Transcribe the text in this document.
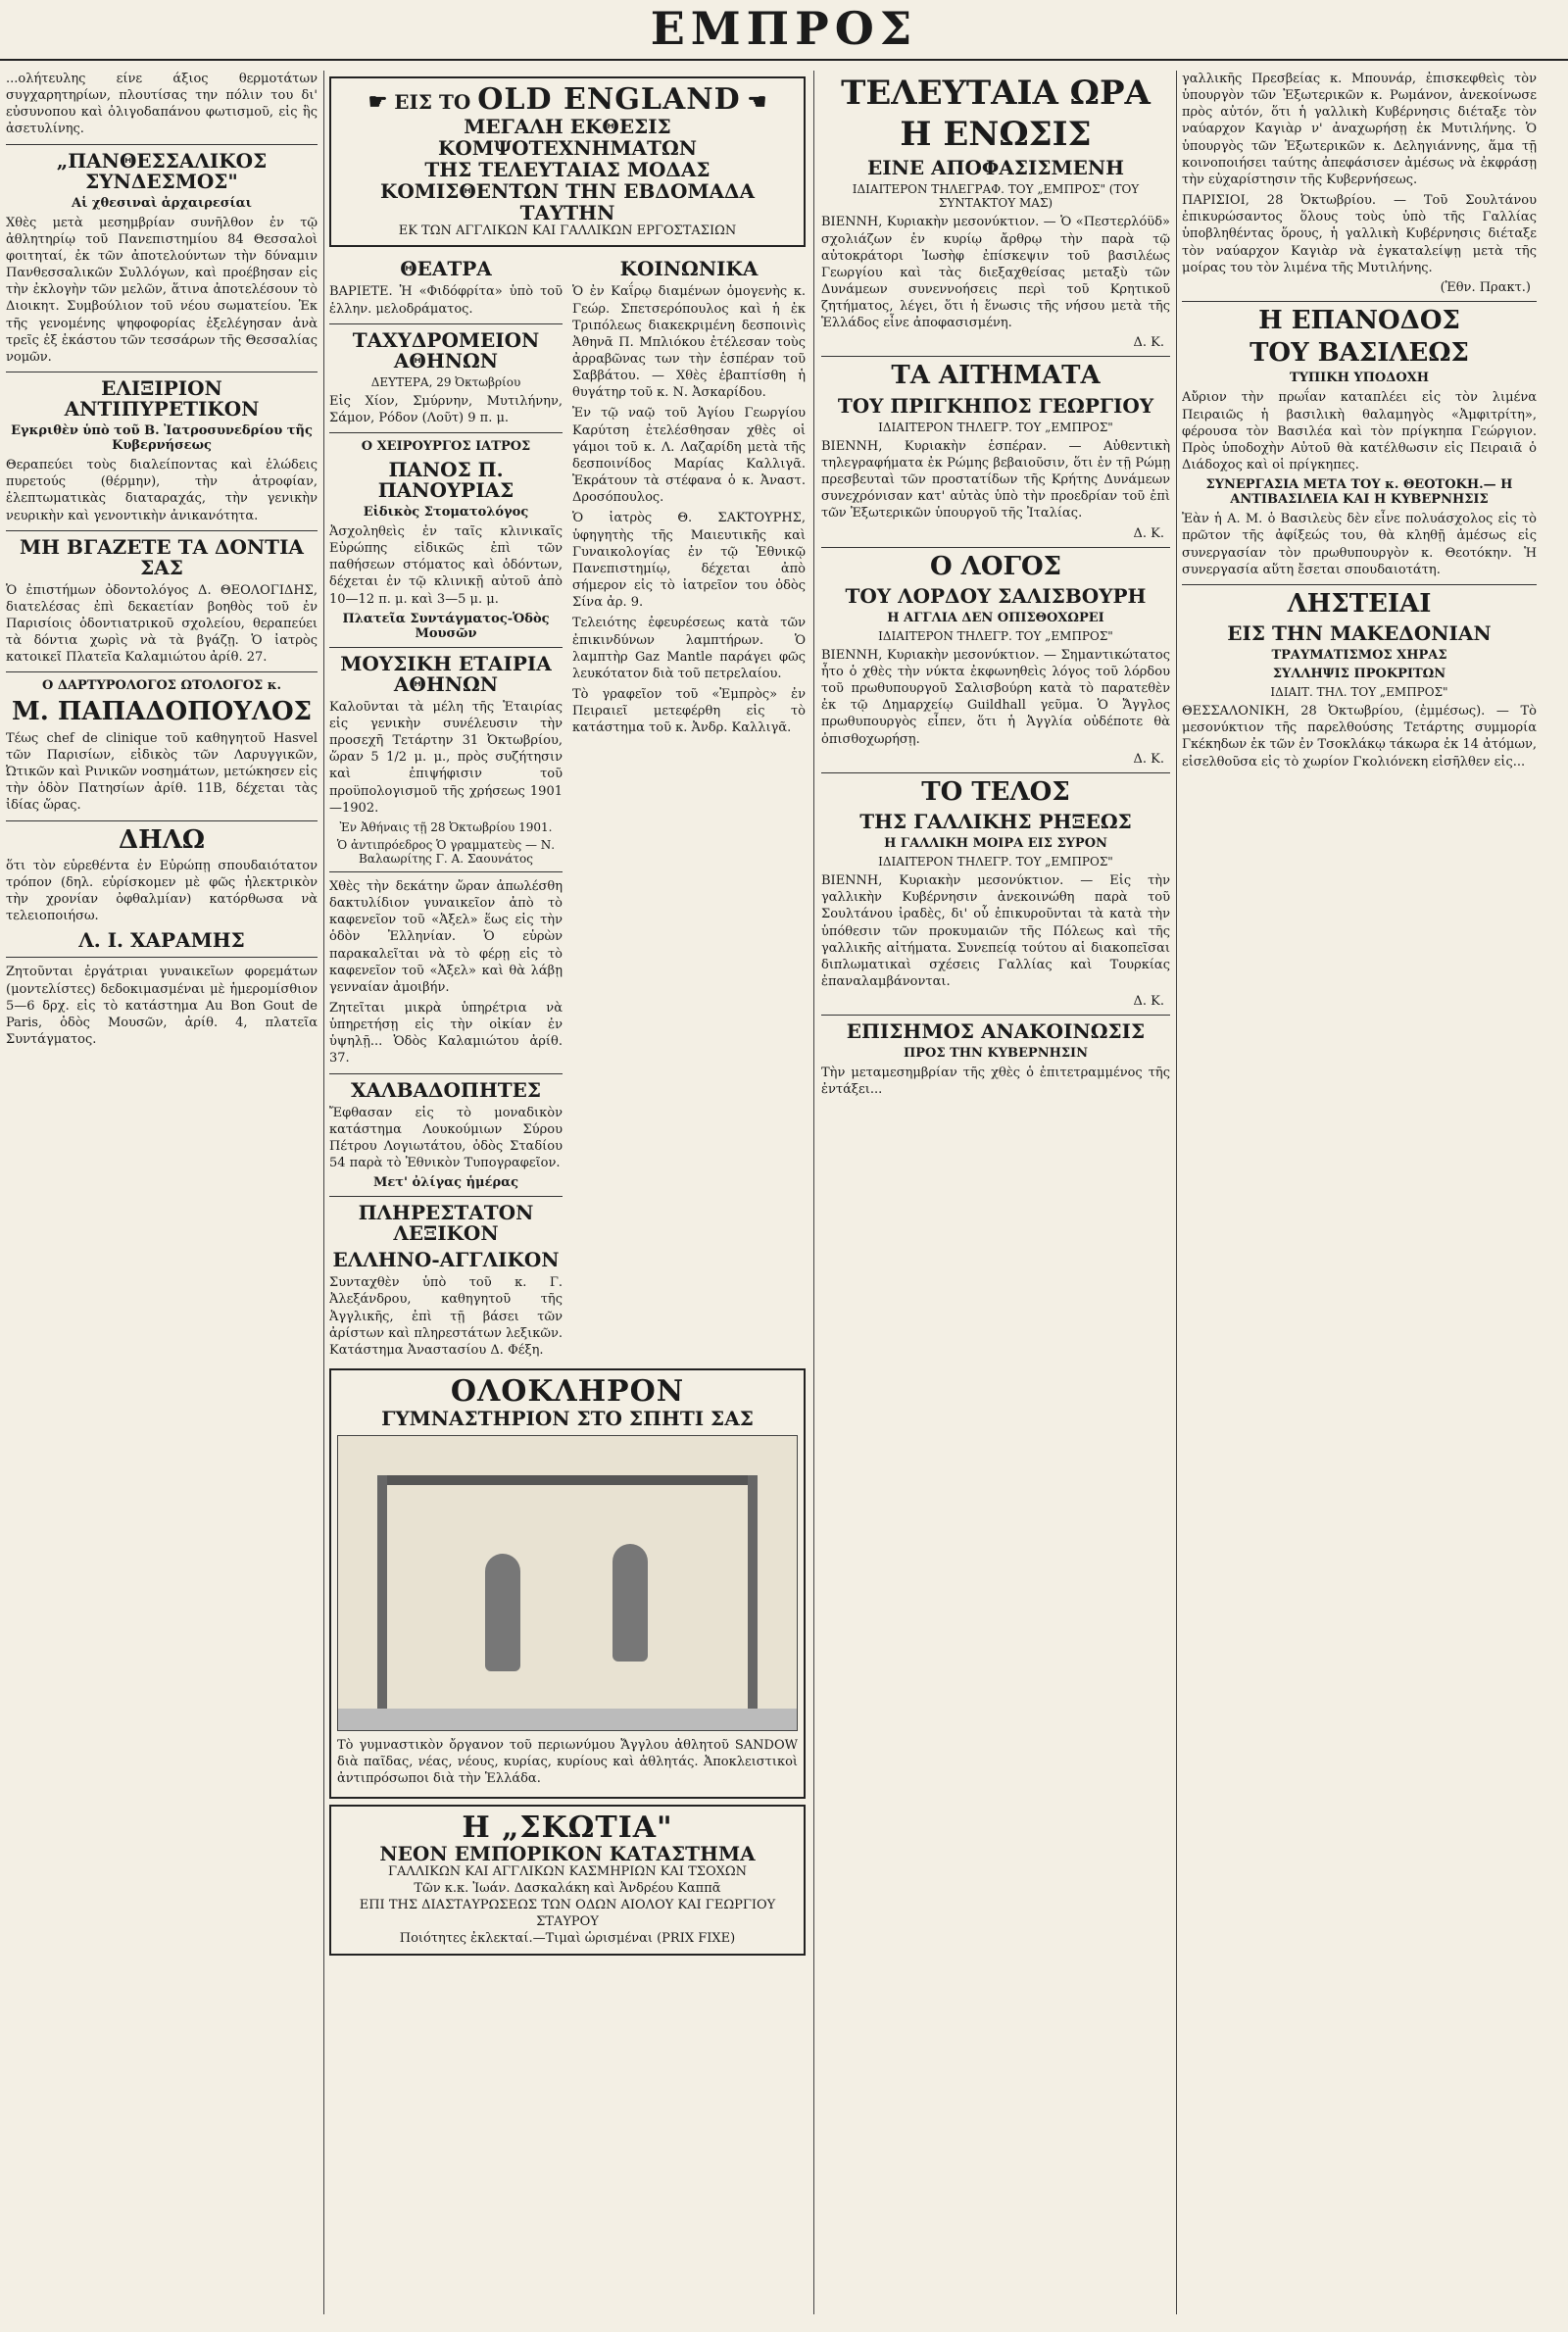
ΕΜΠΡΟΣ

...ολήτευλης είνε άξιος θερμοτάτων συγχαρητηρίων, πλουτίσας την πόλιν του δι' εὐσυνοπου καὶ ὀλιγοδαπάνου φωτισμοῦ, εἰς ἣς ἀσετυλίνης.

„ΠΑΝΘΕΣΣΑΛΙΚΟΣ ΣΥΝΔΕΣΜΟΣ"
Αἱ χθεσιναὶ ἀρχαιρεσίαι

Χθὲς μετὰ μεσημβρίαν συνῆλθον ἐν τῷ ἀθλητηρίῳ τοῦ Πανεπιστημίου 84 Θεσσαλοὶ φοιτηταί, ἐκ τῶν ἀποτελούντων τὴν δύναμιν Πανθεσσαλικῶν Συλλόγων, καὶ προέβησαν εἰς τὴν ἐκλογὴν τῶν μελῶν, ἅτινα ἀποτελέσουν τὸ Διοικητ. Συμβούλιον τοῦ νέου σωματείου. Ἐκ τῆς γενομένης ψηφοφορίας ἐξελέγησαν ἀνὰ τρεῖς ἐξ ἑκάστου τῶν τεσσάρων τῆς Θεσσαλίας νομῶν.

ΕΛΙΞΙΡΙΟΝ ΑΝΤΙΠΥΡΕΤΙΚΟΝ
Εγκριθὲν ὑπὸ τοῦ Β. Ἰατροσυνεδρίου τῆς Κυβερνήσεως

Θεραπεύει τοὺς διαλείποντας καὶ ἑλώδεις πυρετούς (θέρμην), τὴν ἀτροφίαν, ἐλεπτωματικὰς διαταραχάς, τὴν γενικὴν νευρικὴν καὶ γενοντικὴν ἀνικανότητα.

ΜΗ ΒΓΑΖΕΤΕ ΤΑ ΔΟΝΤΙΑ ΣΑΣ

Ὁ ἐπιστήμων ὀδοντολόγος Δ. ΘΕΟΛΟΓΙΔΗΣ, διατελέσας ἐπὶ δεκαετίαν βοηθὸς τοῦ ἐν Παρισίοις ὀδοντιατρικοῦ σχολείου, θεραπεύει τὰ δόντια χωρὶς νὰ τὰ βγάζῃ. Ὁ ἰατρὸς κατοικεῖ Πλατεῖα Καλαμιώτου ἀρίθ. 27.

Ο ΔΑΡΤΥΡΟΛΟΓΟΣ ΩΤΟΛΟΓΟΣ κ.
Μ. ΠΑΠΑΔΟΠΟΥΛΟΣ

Τέως chef de clinique τοῦ καθηγητοῦ Hasvel τῶν Παρισίων, εἰδικὸς τῶν Λαρυγγικῶν, Ὠτικῶν καὶ Ρινικῶν νοσημάτων, μετώκησεν εἰς τὴν ὁδὸν Πατησίων ἀρίθ. 11Β, δέχεται τὰς ἰδίας ὥρας.

ΔΗΛΩ

ὅτι τὸν εὑρεθέντα ἐν Εὐρώπῃ σπουδαιότατον τρόπον (δηλ. εὑρίσκομεν μὲ φῶς ἠλεκτρικὸν τὴν χρονίαν ὀφθαλμίαν) κατόρθωσα νὰ τελειοποιήσω.

Λ. Ι. ΧΑΡΑΜΗΣ

Ζητοῦνται ἐργάτριαι γυναικεῖων φορεμάτων (μοντελίστες) δεδοκιμασμέναι μὲ ἡμερομίσθιον 5—6 δρχ. εἰς τὸ κατάστημα Au Bon Gout de Paris, ὁδὸς Μουσῶν, ἀρίθ. 4, πλατεῖα Συντάγματος.

☛ ΕΙΣ ΤΟ OLD ENGLAND ☚
ΜΕΓΑΛΗ ΕΚΘΕΣΙΣ ΚΟΜΨΟΤΕΧΝΗΜΑΤΩΝ
ΤΗΣ ΤΕΛΕΥΤΑΙΑΣ ΜΟΔΑΣ
ΚΟΜΙΣΘΕΝΤΩΝ ΤΗΝ ΕΒΔΟΜΑΔΑ ΤΑΥΤΗΝ
ΕΚ ΤΩΝ ΑΓΓΛΙΚΩΝ ΚΑΙ ΓΑΛΛΙΚΩΝ ΕΡΓΟΣΤΑΣΙΩΝ
ΘΕΑΤΡΑ

ΒΑΡΙΕΤΕ. Ἡ «Φιδόφρίτα» ὑπὸ τοῦ ἑλλην. μελοδράματος.

ΤΑΧΥΔΡΟΜΕΙΟΝ ΑΘΗΝΩΝ
ΔΕΥΤΕΡΑ, 29 Ὀκτωβρίου

Εἰς Χίον, Σμύρνην, Μυτιλήνην, Σάμον, Ρόδον (Λοῦτ) 9 π. μ.

Ο ΧΕΙΡΟΥΡΓΟΣ ΙΑΤΡΟΣ
ΠΑΝΟΣ Π. ΠΑΝΟΥΡΙΑΣ
Εἰδικὸς Στοματολόγος

Ἀσχοληθεὶς ἐν ταῖς κλινικαῖς Εὐρώπης εἰδικῶς ἐπὶ τῶν παθήσεων στόματος καὶ ὀδόντων, δέχεται ἐν τῷ κλινικῇ αὐτοῦ ἀπὸ 10—12 π. μ. καὶ 3—5 μ. μ.

Πλατεῖα Συντάγματος-Ὁδὸς Μουσῶν
ΜΟΥΣΙΚΗ ΕΤΑΙΡΙΑ ΑΘΗΝΩΝ

Καλοῦνται τὰ μέλη τῆς Ἑταιρίας εἰς γενικὴν συνέλευσιν τὴν προσεχῆ Τετάρτην 31 Ὀκτωβρίου, ὥραν 5 1/2 μ. μ., πρὸς συζήτησιν καὶ ἐπιψήφισιν τοῦ προϋπολογισμοῦ τῆς χρήσεως 1901—1902.

Ἐν Ἀθήναις τῇ 28 Ὀκτωβρίου 1901.
Ὁ ἀντιπρόεδρος Ὁ γραμματεὺς — Ν. Βαλαωρίτης Γ. Α. Σαουνάτος

Χθὲς τὴν δεκάτην ὥραν ἀπωλέσθη δακτυλίδιον γυναικεῖον ἀπὸ τὸ καφενεῖον τοῦ «Ἀξελ» ἕως εἰς τὴν ὁδὸν Ἐλληνίαν. Ὁ εὑρὼν παρακαλεῖται νὰ τὸ φέρῃ εἰς τὸ καφενεῖον τοῦ «Ἀξελ» καὶ θὰ λάβῃ γενναίαν ἀμοιβήν.

Ζητεῖται μικρὰ ὑπηρέτρια νὰ ὑπηρετήσῃ εἰς τὴν οἰκίαν ἐν ὑψηλῇ... Ὁδὸς Καλαμιώτου ἀρίθ. 37.

ΧΑΛΒΑΔΟΠΗΤΕΣ

Ἔφθασαν εἰς τὸ μοναδικὸν κατάστημα Λουκούμιων Σύρου Πέτρου Λογιωτάτου, ὁδὸς Σταδίου 54 παρὰ τὸ Ἐθνικὸν Τυπογραφεῖον.

Μετ' ὀλίγας ἡμέρας
ΠΛΗΡΕΣΤΑΤΟΝ ΛΕΞΙΚΟΝ
ΕΛΛΗΝΟ-ΑΓΓΛΙΚΟΝ

Συνταχθὲν ὑπὸ τοῦ κ. Γ. Ἀλεξάνδρου, καθηγητοῦ τῆς Ἀγγλικῆς, ἐπὶ τῇ βάσει τῶν ἀρίστων καὶ πληρεστάτων λεξικῶν. Κατάστημα Ἀναστασίου Δ. Φέξη.

ΚΟΙΝΩΝΙΚΑ

Ὁ ἐν Καΐρῳ διαμένων ὁμογενὴς κ. Γεώρ. Σπετσερόπουλος καὶ ἡ ἐκ Τριπόλεως διακεκριμένη δεσποινὶς Ἀθηνᾶ Π. Μπλιόκου ἐτέλεσαν τοὺς ἀρραβῶνας των τὴν ἑσπέραν τοῦ Σαββάτου. — Χθὲς ἐβαπτίσθη ἡ θυγάτηρ τοῦ κ. Ν. Ἀσκαρίδου.

Ἐν τῷ ναῷ τοῦ Ἁγίου Γεωργίου Καρύτση ἐτελέσθησαν χθὲς οἱ γάμοι τοῦ κ. Λ. Λαζαρίδη μετὰ τῆς δεσποινίδος Μαρίας Καλλιγᾶ. Ἐκράτουν τὰ στέφανα ὁ κ. Ἀναστ. Δροσόπουλος.

Ὁ ἰατρὸς Θ. ΣΑΚΤΟΥΡΗΣ, ὑφηγητὴς τῆς Μαιευτικῆς καὶ Γυναικολογίας ἐν τῷ Ἐθνικῷ Πανεπιστημίῳ, δέχεται ἀπὸ σήμερον εἰς τὸ ἰατρεῖον του ὁδὸς Σίνα ἀρ. 9.

Τελειότης ἐφευρέσεως κατὰ τῶν ἐπικινδύνων λαμπτήρων. Ὁ λαμπτὴρ Gaz Mantle παράγει φῶς λευκότατον διὰ τοῦ πετρελαίου.

Τὸ γραφεῖον τοῦ «Ἐμπρὸς» ἐν Πειραιεῖ μετεφέρθη εἰς τὸ κατάστημα τοῦ κ. Ἀνδρ. Καλλιγᾶ.

ΟΛΟΚΛΗΡΟΝ
ΓΥΜΝΑΣΤΗΡΙΟΝ ΣΤΟ ΣΠΗΤΙ ΣΑΣ

Τὸ γυμναστικὸν ὄργανον τοῦ περιωνύμου Ἄγγλου ἀθλητοῦ SANDOW διὰ παῖδας, νέας, νέους, κυρίας, κυρίους καὶ ἀθλητάς. Ἀποκλειστικοὶ ἀντιπρόσωποι διὰ τὴν Ἑλλάδα.

Η „ΣΚΩΤΙΑ"
ΝΕΟΝ ΕΜΠΟΡΙΚΟΝ ΚΑΤΑΣΤΗΜΑ
ΓΑΛΛΙΚΩΝ ΚΑΙ ΑΓΓΛΙΚΩΝ ΚΑΣΜΗΡΙΩΝ ΚΑΙ ΤΣΟΧΩΝ
Τῶν κ.κ. Ἰωάν. Δασκαλάκη καὶ Ἀνδρέου Καππᾶ
ΕΠΙ ΤΗΣ ΔΙΑΣΤΑΥΡΩΣΕΩΣ ΤΩΝ ΟΔΩΝ ΑΙΟΛΟΥ ΚΑΙ ΓΕΩΡΓΙΟΥ ΣΤΑΥΡΟΥ
Ποιότητες ἐκλεκταί.—Τιμαὶ ὡρισμέναι (PRIX FIXE)
ΤΕΛΕΥΤΑΙΑ ΩΡΑ
Η ΕΝΩΣΙΣ
ΕΙΝΕ ΑΠΟΦΑΣΙΣΜΕΝΗ
ΙΔΙΑΙΤΕΡΟΝ ΤΗΛΕΓΡΑΦ. ΤΟΥ „ΕΜΠΡΟΣ" (ΤΟΥ ΣΥΝΤΑΚΤΟΥ ΜΑΣ)

ΒΙΕΝΝΗ, Κυριακὴν μεσονύκτιον. — Ὁ «Πεστερλόϋδ» σχολιάζων ἐν κυρίῳ ἄρθρῳ τὴν παρὰ τῷ αὐτοκράτορι Ἰωσὴφ ἐπίσκεψιν τοῦ βασιλέως Γεωργίου καὶ τὰς διεξαχθείσας μεταξὺ τῶν Δυνάμεων συνεννοήσεις περὶ τοῦ Κρητικοῦ ζητήματος, λέγει, ὅτι ἡ ἕνωσις τῆς νήσου μετὰ τῆς Ἑλλάδος εἶνε ἀποφασισμένη.

Δ. Κ.
ΤΑ ΑΙΤΗΜΑΤΑ
ΤΟΥ ΠΡΙΓΚΗΠΟΣ ΓΕΩΡΓΙΟΥ
ΙΔΙΑΙΤΕΡΟΝ ΤΗΛΕΓΡ. ΤΟΥ „ΕΜΠΡΟΣ"

ΒΙΕΝΝΗ, Κυριακὴν ἑσπέραν. — Αὐθεντικὴ τηλεγραφήματα ἐκ Ρώμης βεβαιοῦσιν, ὅτι ἐν τῇ Ρώμῃ πρεσβευταὶ τῶν προστατίδων τῆς Κρήτης Δυνάμεων συνεχρόνισαν κατ' αὐτὰς ὑπὸ τὴν προεδρίαν τοῦ ἐπὶ τῶν Ἐξωτερικῶν ὑπουργοῦ τῆς Ἰταλίας.

Δ. Κ.
Ο ΛΟΓΟΣ
ΤΟΥ ΛΟΡΔΟΥ ΣΑΛΙΣΒΟΥΡΗ
Η ΑΓΓΛΙΑ ΔΕΝ ΟΠΙΣΘΟΧΩΡΕΙ
ΙΔΙΑΙΤΕΡΟΝ ΤΗΛΕΓΡ. ΤΟΥ „ΕΜΠΡΟΣ"

ΒΙΕΝΝΗ, Κυριακὴν μεσονύκτιον. — Σημαντικώτατος ἦτο ὁ χθὲς τὴν νύκτα ἐκφωνηθεὶς λόγος τοῦ λόρδου τοῦ πρωθυπουργοῦ Σαλισβούρη κατὰ τὸ παρατεθὲν ἐκ τῷ Δημαρχείῳ Guildhall γεῦμα. Ὁ Ἄγγλος πρωθυπουργὸς εἶπεν, ὅτι ἡ Ἀγγλία οὐδέποτε θὰ ὀπισθοχωρήσῃ.

Δ. Κ.
ΤΟ ΤΕΛΟΣ
ΤΗΣ ΓΑΛΛΙΚΗΣ ΡΗΞΕΩΣ
Η ΓΑΛΛΙΚΗ ΜΟΙΡΑ ΕΙΣ ΣΥΡΟΝ
ΙΔΙΑΙΤΕΡΟΝ ΤΗΛΕΓΡ. ΤΟΥ „ΕΜΠΡΟΣ"

ΒΙΕΝΝΗ, Κυριακὴν μεσονύκτιον. — Εἰς τὴν γαλλικὴν Κυβέρνησιν ἀνεκοινώθη παρὰ τοῦ Σουλτάνου ἰραδὲς, δι' οὗ ἐπικυροῦνται τὰ κατὰ τὴν ὑπόθεσιν τῶν προκυμαιῶν τῆς Πόλεως καὶ τῆς γαλλικῆς αἰτήματα. Συνεπείᾳ τούτου αἱ διακοπεῖσαι διπλωματικαὶ σχέσεις Γαλλίας καὶ Τουρκίας ἐπαναλαμβάνονται.

Δ. Κ.
ΕΠΙΣΗΜΟΣ ΑΝΑΚΟΙΝΩΣΙΣ
ΠΡΟΣ ΤΗΝ ΚΥΒΕΡΝΗΣΙΝ

Τὴν μεταμεσημβρίαν τῆς χθὲς ὁ ἐπιτετραμμένος τῆς ἐντάξει...

γαλλικῆς Πρεσβείας κ. Μπουνάρ, ἐπισκεφθεὶς τὸν ὑπουργὸν τῶν Ἐξωτερικῶν κ. Ρωμάνον, ἀνεκοίνωσε πρὸς αὐτόν, ὅτι ἡ γαλλικὴ Κυβέρνησις διέταξε τὸν ναύαρχον Καγιὰρ ν' ἀναχωρήσῃ ἐκ Μυτιλήνης. Ὁ ὑπουργὸς τῶν Ἐξωτερικῶν κ. Δεληγιάννης, ἅμα τῇ κοινοποιήσει ταύτης ἀπεφάσισεν ἀμέσως νὰ ἐκφράσῃ τὴν εὐχαρίστησιν τῆς Κυβερνήσεως.

ΠΑΡΙΣΙΟΙ, 28 Ὀκτωβρίου. — Τοῦ Σουλτάνου ἐπικυρώσαντος ὅλους τοὺς ὑπὸ τῆς Γαλλίας ὑποβληθέντας ὅρους, ἡ γαλλικὴ Κυβέρνησις διέταξε τὸν ναύαρχον Καγιὰρ νὰ ἐγκαταλείψῃ μετὰ τῆς μοίρας του τὸν λιμένα τῆς Μυτιλήνης.

(Ἐθν. Πρακτ.)
Η ΕΠΑΝΟΔΟΣ
ΤΟΥ ΒΑΣΙΛΕΩΣ
ΤΥΠΙΚΗ ΥΠΟΔΟΧΗ

Αὔριον τὴν πρωΐαν καταπλέει εἰς τὸν λιμένα Πειραιῶς ἡ βασιλικὴ θαλαμηγὸς «Ἀμφιτρίτη», φέρουσα τὸν Βασιλέα καὶ τὸν πρίγκηπα Γεώργιον. Πρὸς ὑποδοχὴν Αὐτοῦ θὰ κατέλθωσιν εἰς Πειραιᾶ ὁ Διάδοχος καὶ οἱ πρίγκηπες.

ΣΥΝΕΡΓΑΣΙΑ ΜΕΤΑ ΤΟΥ κ. ΘΕΟΤΟΚΗ.— Η ΑΝΤΙΒΑΣΙΛΕΙΑ ΚΑΙ Η ΚΥΒΕΡΝΗΣΙΣ

Ἐὰν ἡ Α. Μ. ὁ Βασιλεὺς δὲν εἶνε πολυάσχολος εἰς τὸ πρῶτον τῆς ἀφίξεώς του, θὰ κληθῇ ἀμέσως εἰς συνεργασίαν τὸν πρωθυπουργὸν κ. Θεοτόκην. Ἡ συνεργασία αὕτη ἔσεται σπουδαιοτάτη.

ΛΗΣΤΕΙΑΙ
ΕΙΣ ΤΗΝ ΜΑΚΕΔΟΝΙΑΝ
ΤΡΑΥΜΑΤΙΣΜΟΣ ΧΗΡΑΣ
ΣΥΛΛΗΨΙΣ ΠΡΟΚΡΙΤΩΝ
ΙΔΙΑΙΤ. ΤΗΛ. ΤΟΥ „ΕΜΠΡΟΣ"

ΘΕΣΣΑΛΟΝΙΚΗ, 28 Ὀκτωβρίου, (ἐμμέσως). — Τὸ μεσονύκτιον τῆς παρελθούσης Τετάρτης συμμορία Γκέκηδων ἐκ τῶν ἐν Τσοκλάκῳ τάκωρα ἐκ 14 ἀτόμων, εἰσελθοῦσα εἰς τὸ χωρίον Γκολιόνεκη εἰσῆλθεν εἰς...
